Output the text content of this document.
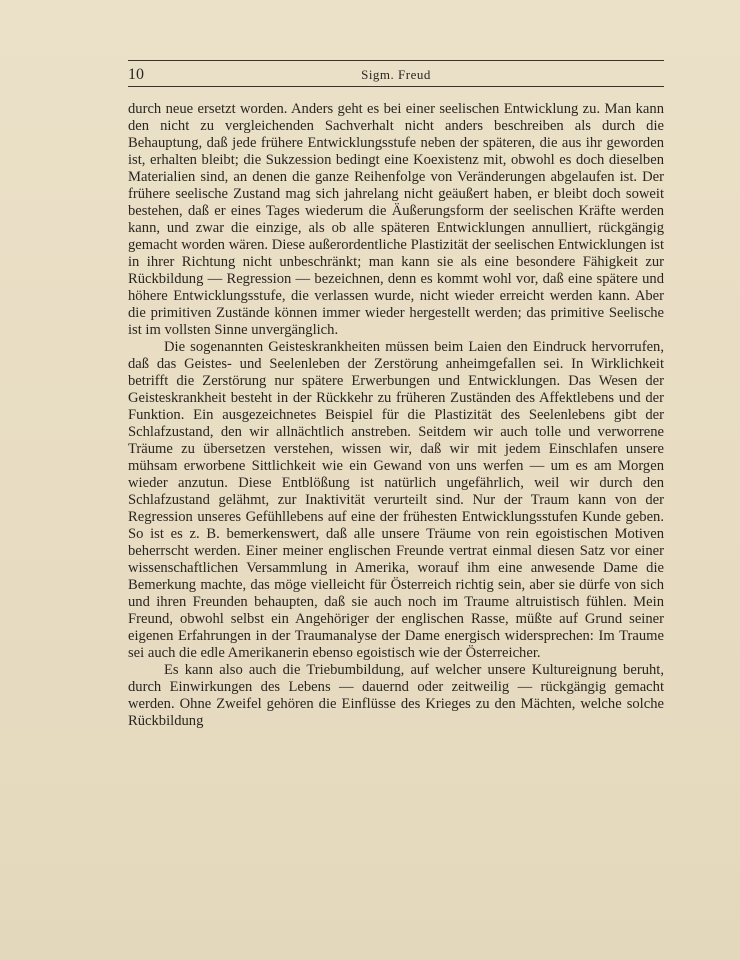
10	Sigm. Freud

durch neue ersetzt worden. Anders geht es bei einer seelischen Entwicklung zu. Man kann den nicht zu vergleichenden Sachverhalt nicht anders beschreiben als durch die Behauptung, daß jede frühere Entwicklungsstufe neben der späteren, die aus ihr geworden ist, erhalten bleibt; die Sukzession bedingt eine Koexistenz mit, obwohl es doch dieselben Materialien sind, an denen die ganze Reihenfolge von Veränderungen abgelaufen ist. Der frühere seelische Zustand mag sich jahrelang nicht geäußert haben, er bleibt doch soweit bestehen, daß er eines Tages wiederum die Äußerungsform der seelischen Kräfte werden kann, und zwar die einzige, als ob alle späteren Entwicklungen annulliert, rückgängig gemacht worden wären. Diese außerordentliche Plastizität der seelischen Entwicklungen ist in ihrer Richtung nicht unbeschränkt; man kann sie als eine besondere Fähigkeit zur Rückbildung — Regression — bezeichnen, denn es kommt wohl vor, daß eine spätere und höhere Entwicklungsstufe, die verlassen wurde, nicht wieder erreicht werden kann. Aber die primitiven Zustände können immer wieder hergestellt werden; das primitive Seelische ist im vollsten Sinne unvergänglich.

Die sogenannten Geisteskrankheiten müssen beim Laien den Eindruck hervorrufen, daß das Geistes- und Seelenleben der Zerstörung anheimgefallen sei. In Wirklichkeit betrifft die Zerstörung nur spätere Erwerbungen und Entwicklungen. Das Wesen der Geisteskrankheit besteht in der Rückkehr zu früheren Zuständen des Affektlebens und der Funktion. Ein ausgezeichnetes Beispiel für die Plastizität des Seelenlebens gibt der Schlafzustand, den wir allnächtlich anstreben. Seitdem wir auch tolle und verworrene Träume zu übersetzen verstehen, wissen wir, daß wir mit jedem Einschlafen unsere mühsam erworbene Sittlichkeit wie ein Gewand von uns werfen — um es am Morgen wieder anzutun. Diese Entblößung ist natürlich ungefährlich, weil wir durch den Schlafzustand gelähmt, zur Inaktivität verurteilt sind. Nur der Traum kann von der Regression unseres Gefühllebens auf eine der frühesten Entwicklungsstufen Kunde geben. So ist es z. B. bemerkenswert, daß alle unsere Träume von rein egoistischen Motiven beherrscht werden. Einer meiner englischen Freunde vertrat einmal diesen Satz vor einer wissenschaftlichen Versammlung in Amerika, worauf ihm eine anwesende Dame die Bemerkung machte, das möge vielleicht für Österreich richtig sein, aber sie dürfe von sich und ihren Freunden behaupten, daß sie auch noch im Traume altruistisch fühlen. Mein Freund, obwohl selbst ein Angehöriger der englischen Rasse, müßte auf Grund seiner eigenen Erfahrungen in der Traumanalyse der Dame energisch widersprechen: Im Traume sei auch die edle Amerikanerin ebenso egoistisch wie der Österreicher.

Es kann also auch die Triebumbildung, auf welcher unsere Kultureignung beruht, durch Einwirkungen des Lebens — dauernd oder zeitweilig — rückgängig gemacht werden. Ohne Zweifel gehören die Einflüsse des Krieges zu den Mächten, welche solche Rückbildung
